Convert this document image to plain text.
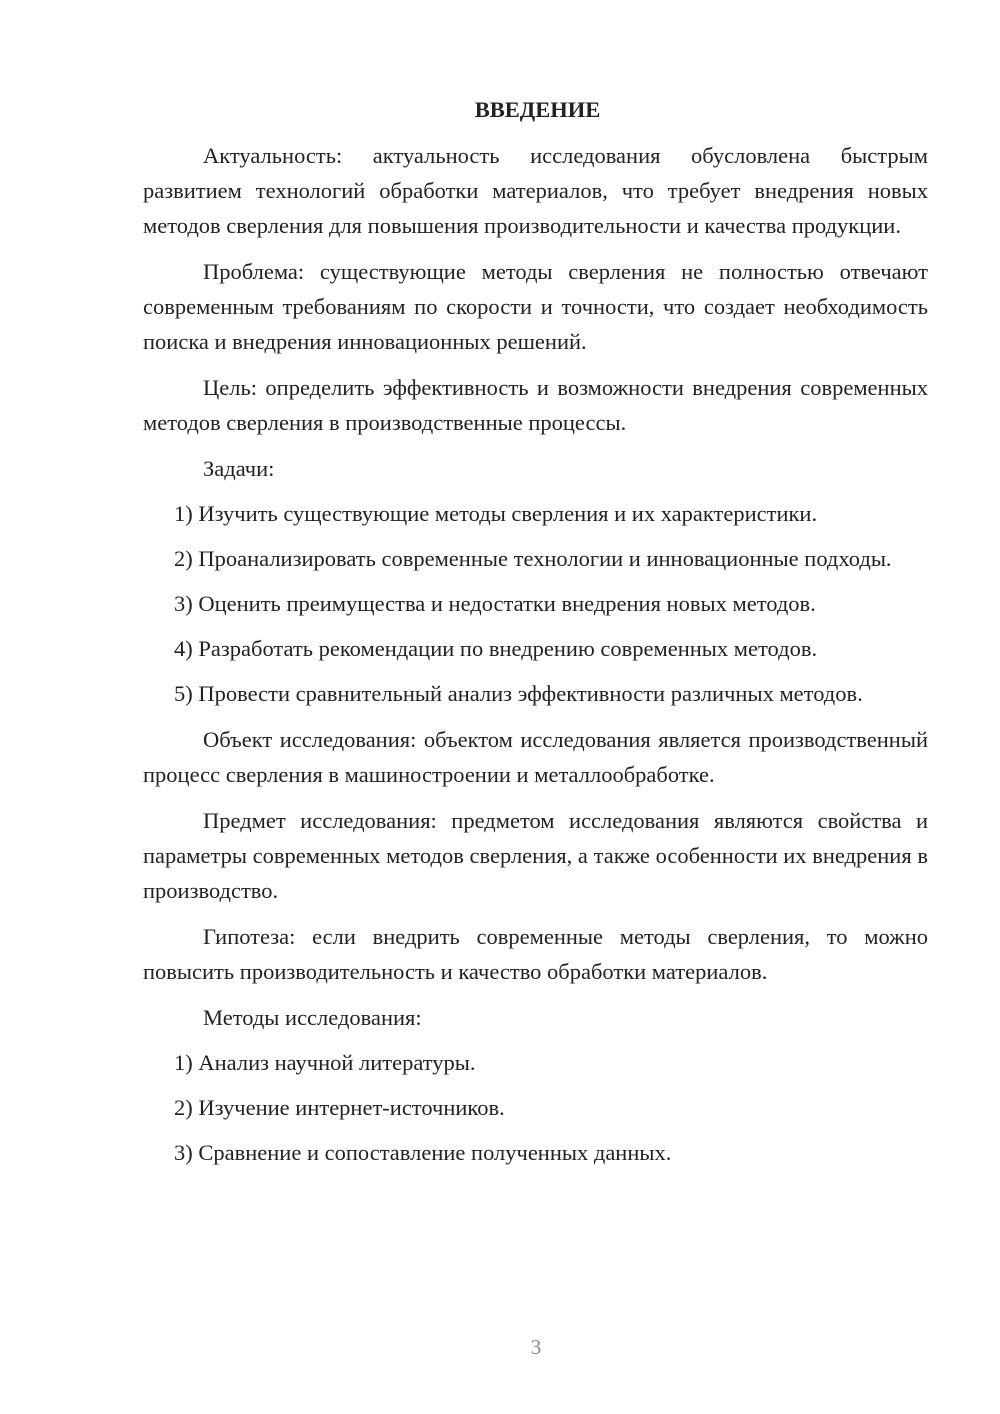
ВВЕДЕНИЕ

Актуальность: актуальность исследования обусловлена быстрым развитием технологий обработки материалов, что требует внедрения новых методов сверления для повышения производительности и качества продукции.

Проблема: существующие методы сверления не полностью отвечают современным требованиям по скорости и точности, что создает необходимость поиска и внедрения инновационных решений.

Цель: определить эффективность и возможности внедрения современных методов сверления в производственные процессы.

Задачи:

1) Изучить существующие методы сверления и их характеристики.

2) Проанализировать современные технологии и инновационные подходы.

3) Оценить преимущества и недостатки внедрения новых методов.

4) Разработать рекомендации по внедрению современных методов.

5) Провести сравнительный анализ эффективности различных методов.

Объект исследования: объектом исследования является производственный процесс сверления в машиностроении и металлообработке.

Предмет исследования: предметом исследования являются свойства и параметры современных методов сверления, а также особенности их внедрения в производство.

Гипотеза: если внедрить современные методы сверления, то можно повысить производительность и качество обработки материалов.

Методы исследования:

1) Анализ научной литературы.

2) Изучение интернет-источников.

3) Сравнение и сопоставление полученных данных.

3
